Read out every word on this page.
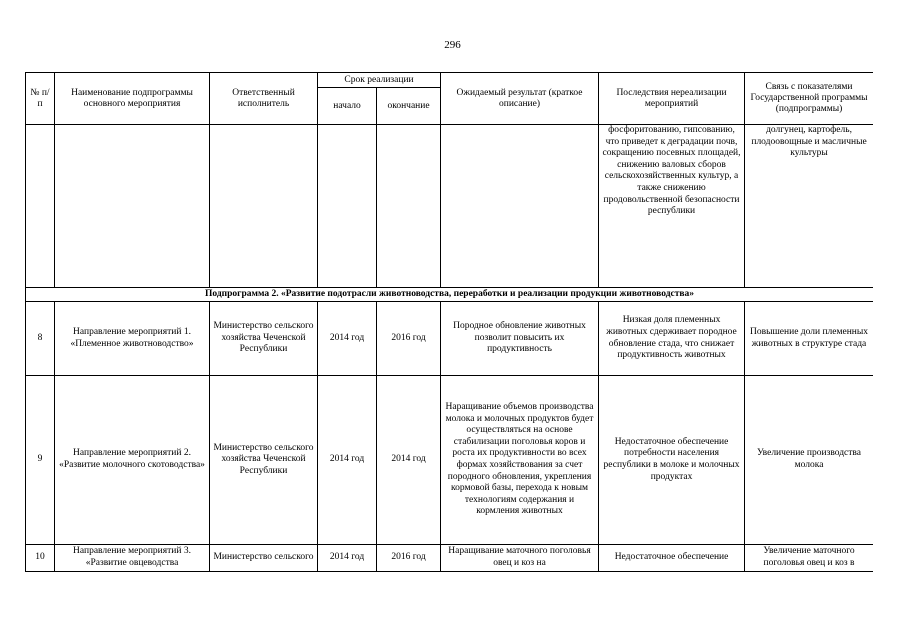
296
№ п/п	Наименование подпрограммы основного мероприятия	Ответственный исполнитель	Срок реализации		Ожидаемый результат (краткое описание)	Последствия нереализации мероприятий	Связь с показателями Государственной программы (подпрограммы)
			начало	окончание			
						фосфоритованию, гипсованию, что приведет к деградации почв, сокращению посевных площадей, снижению валовых сборов сельскохозяйственных культур, а также снижению продовольственной безопасности республики	долгунец, картофель, плодоовощные и масличные культуры
Подпрограмма 2. «Развитие подотрасли животноводства, переработки и реализации продукции животноводства»							
8	Направление мероприятий 1. «Племенное животноводство»	Министерство сельского хозяйства Чеченской Республики	2014 год	2016 год	Породное обновление животных позволит повысить их продуктивность	Низкая доля племенных животных сдерживает породное обновление стада, что снижает продуктивность животных	Повышение доли племенных животных в структуре стада
9	Направление мероприятий 2. «Развитие молочного скотоводства»	Министерство сельского хозяйства Чеченской Республики	2014 год	2014 год	Наращивание объемов производства молока и молочных продуктов будет осуществляться на основе стабилизации поголовья коров и роста их продуктивности во всех формах хозяйствования за счет породного обновления, укрепления кормовой базы, перехода к новым технологиям содержания и кормления животных	Недостаточное обеспечение потребности населения республики в молоке и молочных продуктах	Увеличение производства молока
10	Направление мероприятий 3. «Развитие овцеводства	Министерство сельского	2014 год	2016 год	Наращивание маточного поголовья овец и коз на	Недостаточное обеспечение	Увеличение маточного поголовья овец и коз в
